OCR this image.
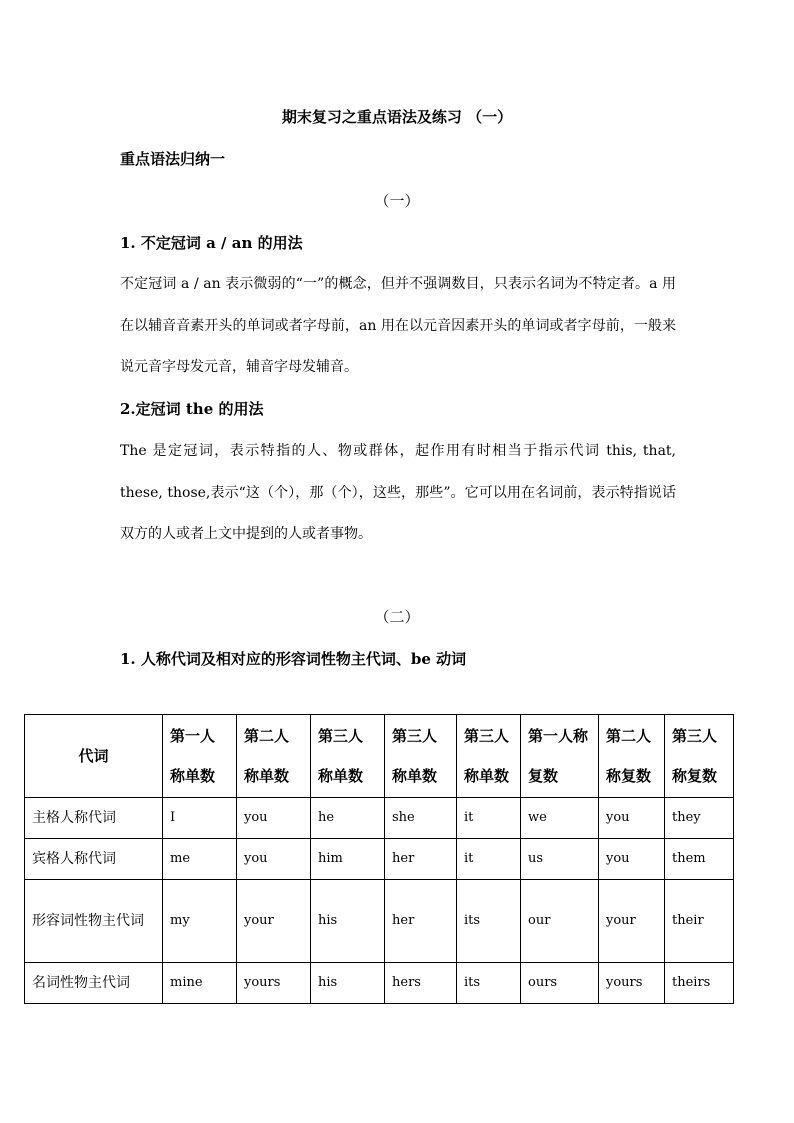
期末复习之重点语法及练习 （一）
重点语法归纳一
（一）
1. 不定冠词 a / an 的用法
不定冠词 a / an 表示微弱的“一”的概念，但并不强调数目，只表示名词为不特定者。a 用在以辅音音素开头的单词或者字母前，an 用在以元音因素开头的单词或者字母前，一般来说元音字母发元音，辅音字母发辅音。
2.定冠词 the 的用法
The 是定冠词，表示特指的人、物或群体，起作用有时相当于指示代词 this, that, these, those,表示“这（个），那（个），这些，那些”。它可以用在名词前，表示特指说话双方的人或者上文中提到的人或者事物。
（二）
1. 人称代词及相对应的形容词性物主代词、be 动词
代词	第一人称单数	第二人称单数	第三人称单数	第三人称单数	第三人称单数	第一人称复数	第二人称复数	第三人称复数
主格人称代词	I	you	he	she	it	we	you	they
宾格人称代词	me	you	him	her	it	us	you	them
形容词性物主代词	my	your	his	her	its	our	your	their
名词性物主代词	mine	yours	his	hers	its	ours	yours	theirs
